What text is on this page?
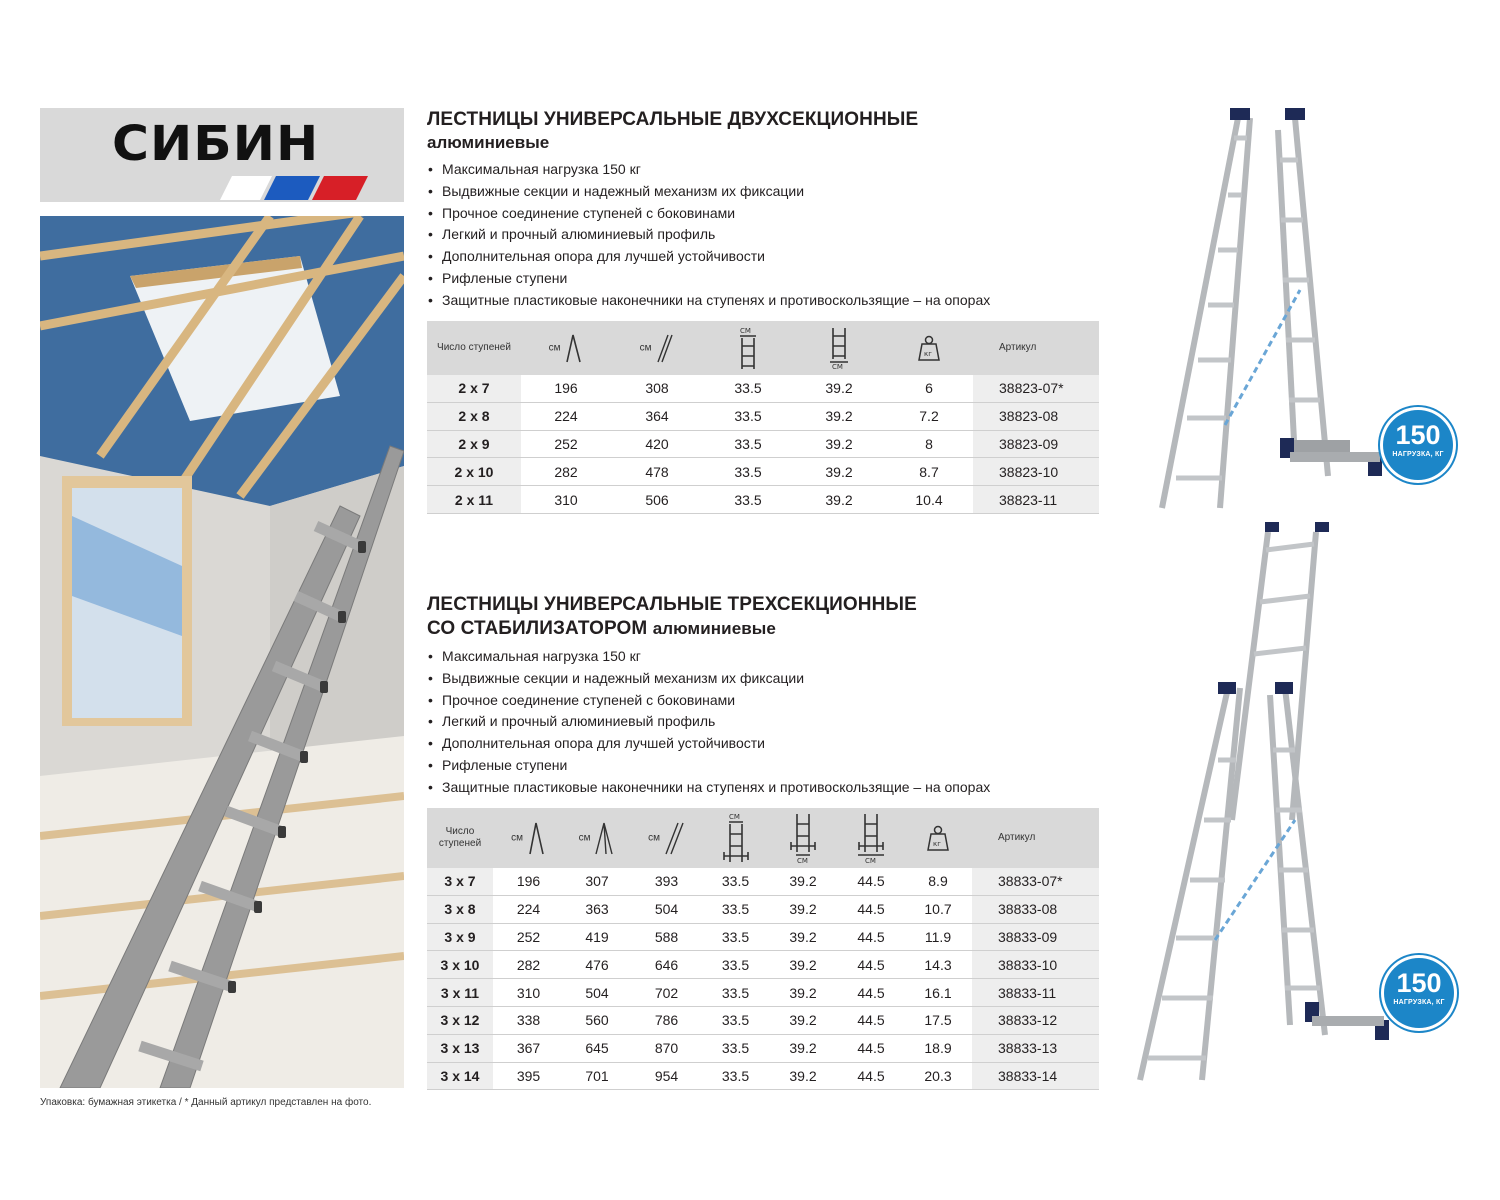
СИБИН
Упаковка: бумажная этикетка / * Данный артикул представлен на фото.
ЛЕСТНИЦЫ УНИВЕРСАЛЬНЫЕ ДВУХСЕКЦИОННЫЕ
алюминиевые
• Максимальная нагрузка 150 кг
• Выдвижные секции и надежный механизм их фиксации
• Прочное соединение ступеней с боковинами
• Легкий и прочный алюминиевый профиль
• Дополнительная опора для лучшей устойчивости
• Рифленые ступени
• Защитные пластиковые наконечники на ступенях и противоскользящие – на опорах
Число ступеней	см	см	СМ	СМ	кг	Артикул
2 x 7	196	308	33.5	39.2	6	38823-07*
2 x 8	224	364	33.5	39.2	7.2	38823-08
2 x 9	252	420	33.5	39.2	8	38823-09
2 x 10	282	478	33.5	39.2	8.7	38823-10
2 x 11	310	506	33.5	39.2	10.4	38823-11
ЛЕСТНИЦЫ УНИВЕРСАЛЬНЫЕ ТРЕХСЕКЦИОННЫЕ
СО СТАБИЛИЗАТОРОМ алюминиевые
• Максимальная нагрузка 150 кг
• Выдвижные секции и надежный механизм их фиксации
• Прочное соединение ступеней с боковинами
• Легкий и прочный алюминиевый профиль
• Дополнительная опора для лучшей устойчивости
• Рифленые ступени
• Защитные пластиковые наконечники на ступенях и противоскользящие – на опорах
Число
ступеней	см	см	см	СМ	СМ	СМ	кг	Артикул
3 x 7	196	307	393	33.5	39.2	44.5	8.9	38833-07*
3 x 8	224	363	504	33.5	39.2	44.5	10.7	38833-08
3 x 9	252	419	588	33.5	39.2	44.5	11.9	38833-09
3 x 10	282	476	646	33.5	39.2	44.5	14.3	38833-10
3 x 11	310	504	702	33.5	39.2	44.5	16.1	38833-11
3 x 12	338	560	786	33.5	39.2	44.5	17.5	38833-12
3 x 13	367	645	870	33.5	39.2	44.5	18.9	38833-13
3 x 14	395	701	954	33.5	39.2	44.5	20.3	38833-14
150
НАГРУЗКА, КГ
150
НАГРУЗКА, КГ
